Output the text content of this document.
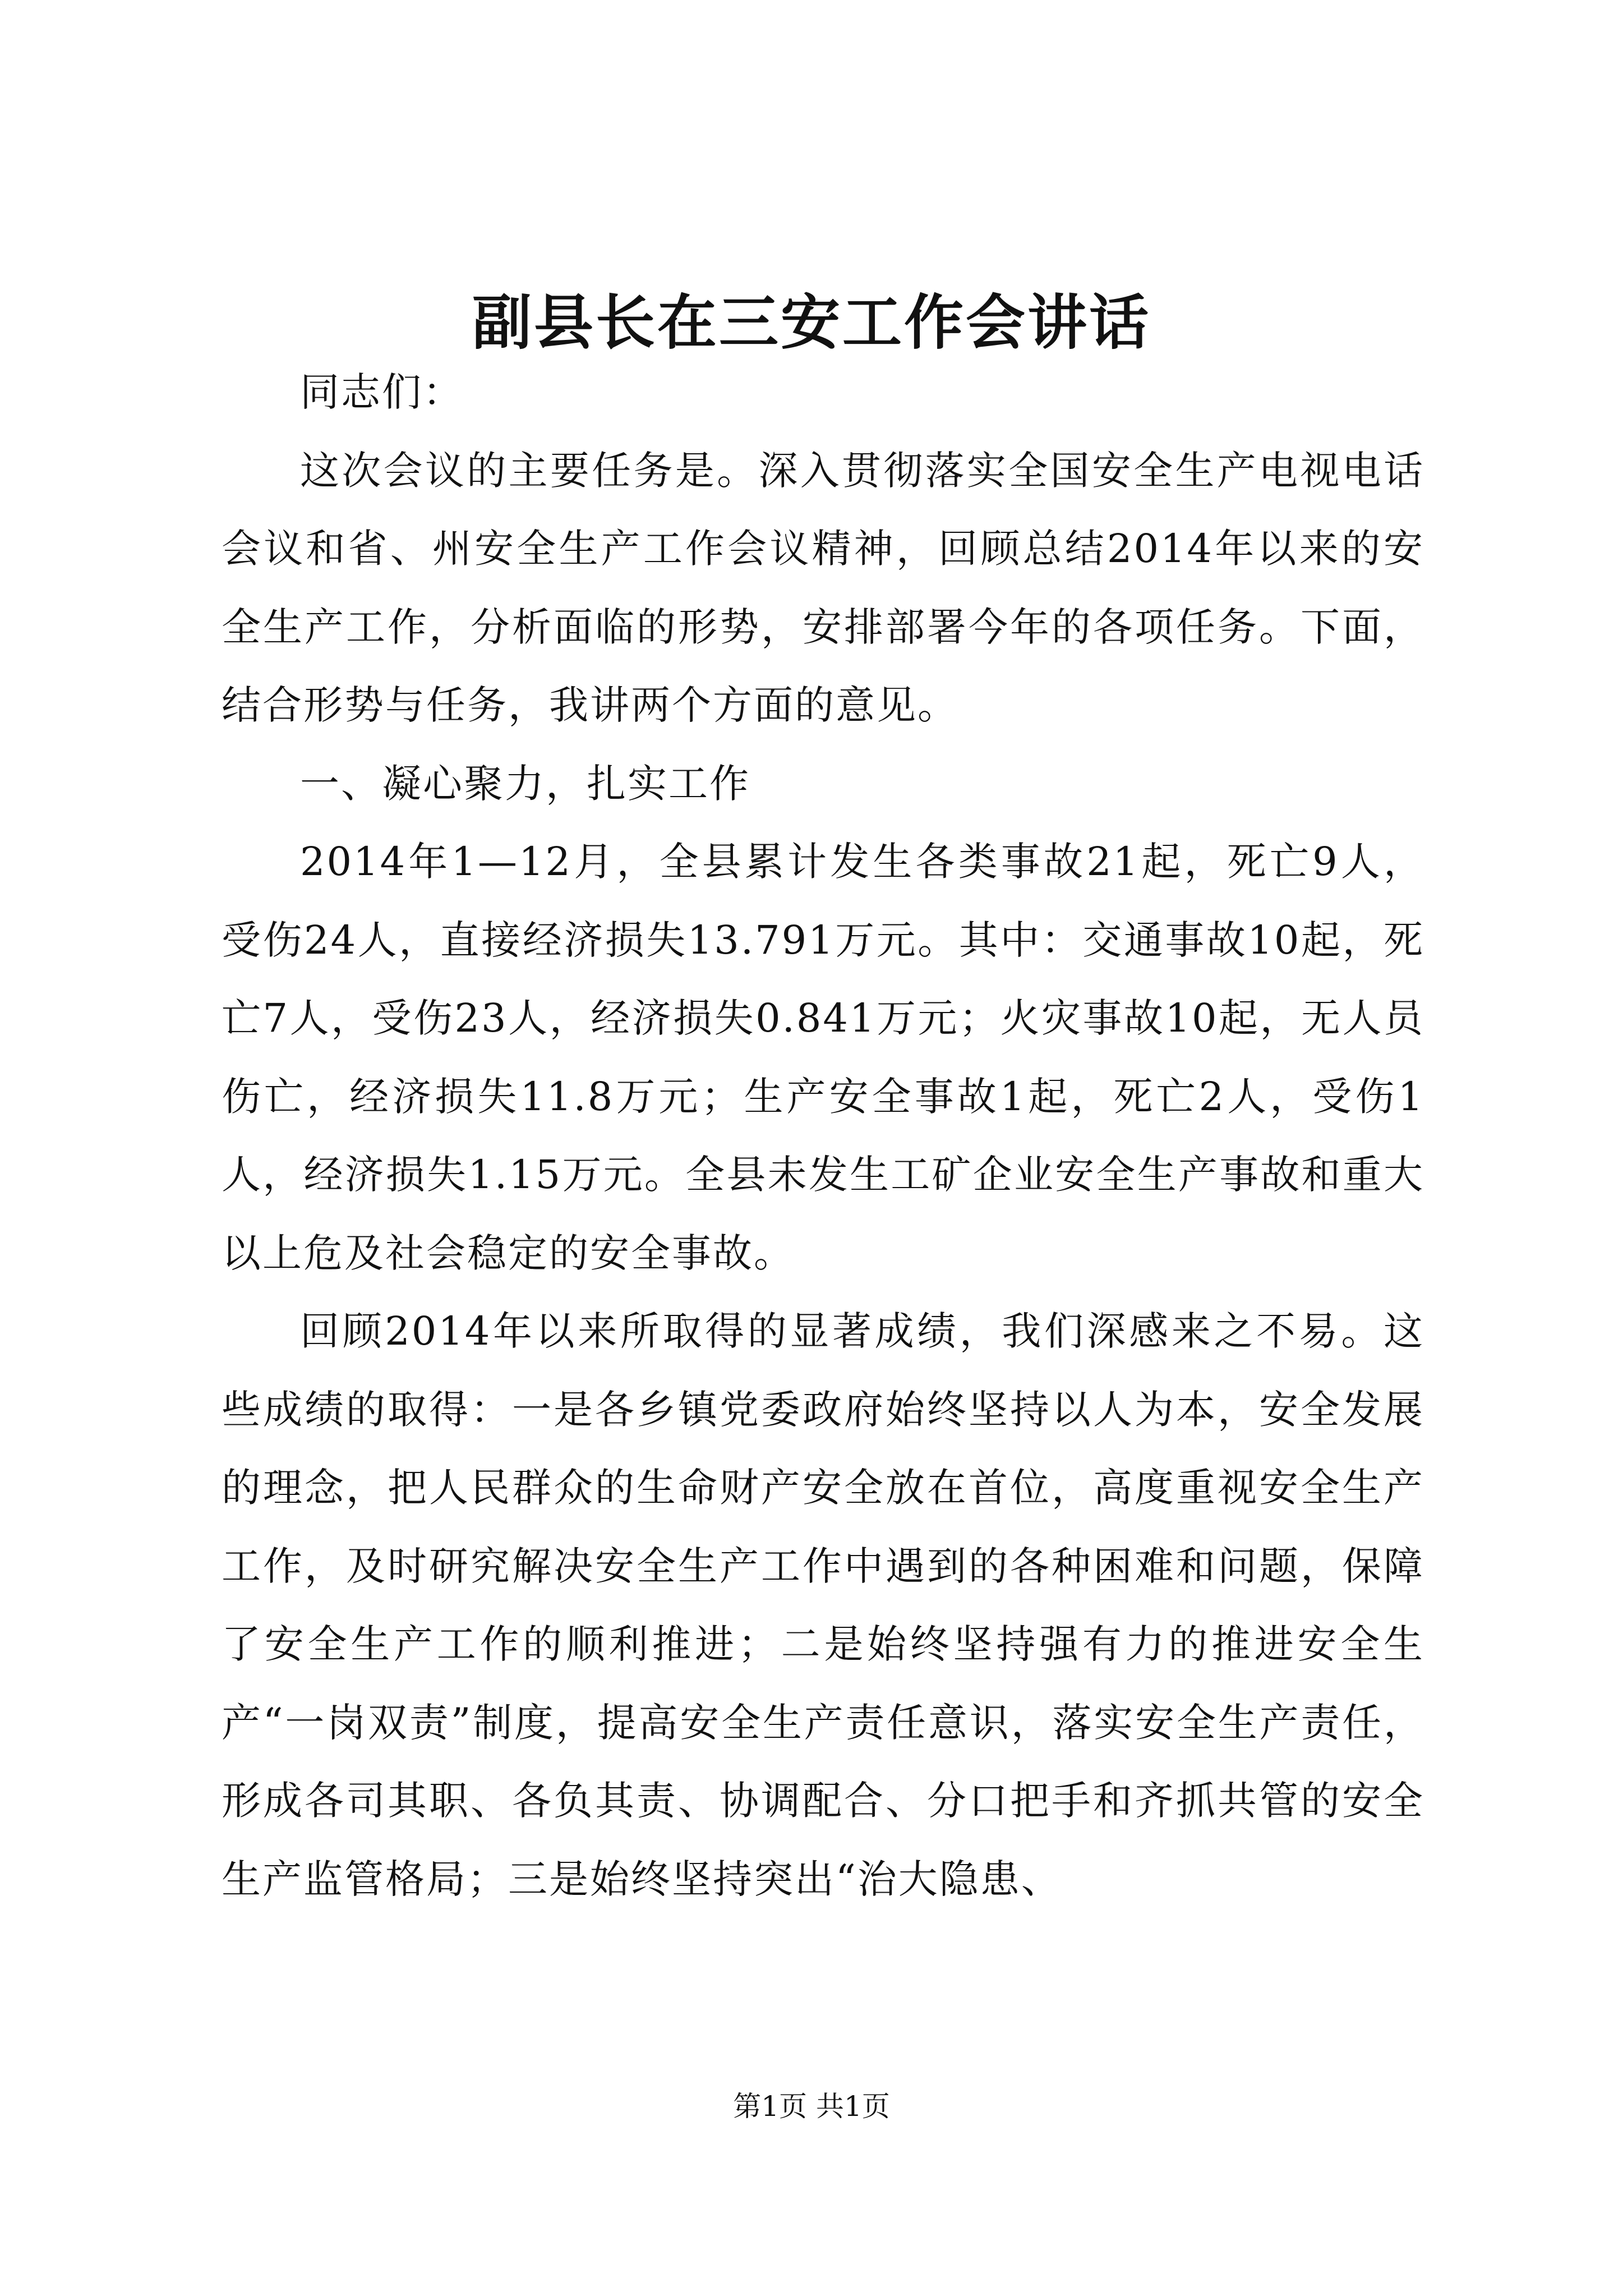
副县长在三安工作会讲话

同志们：

这次会议的主要任务是。深入贯彻落实全国安全生产电视电话会议和省、州安全生产工作会议精神，回顾总结2014年以来的安全生产工作，分析面临的形势，安排部署今年的各项任务。下面，结合形势与任务，我讲两个方面的意见。

一、凝心聚力，扎实工作

2014年1—12月，全县累计发生各类事故21起，死亡9人，受伤24人，直接经济损失13.791万元。其中：交通事故10起，死亡7人，受伤23人，经济损失0.841万元；火灾事故10起，无人员伤亡，经济损失11.8万元；生产安全事故1起，死亡2人，受伤1人，经济损失1.15万元。全县未发生工矿企业安全生产事故和重大以上危及社会稳定的安全事故。

回顾2014年以来所取得的显著成绩，我们深感来之不易。这些成绩的取得：一是各乡镇党委政府始终坚持以人为本，安全发展的理念，把人民群众的生命财产安全放在首位，高度重视安全生产工作，及时研究解决安全生产工作中遇到的各种困难和问题，保障了安全生产工作的顺利推进；二是始终坚持强有力的推进安全生产“一岗双责”制度，提高安全生产责任意识，落实安全生产责任，形成各司其职、各负其责、协调配合、分口把手和齐抓共管的安全生产监管格局；三是始终坚持突出“治大隐患、

第1页 共1页
